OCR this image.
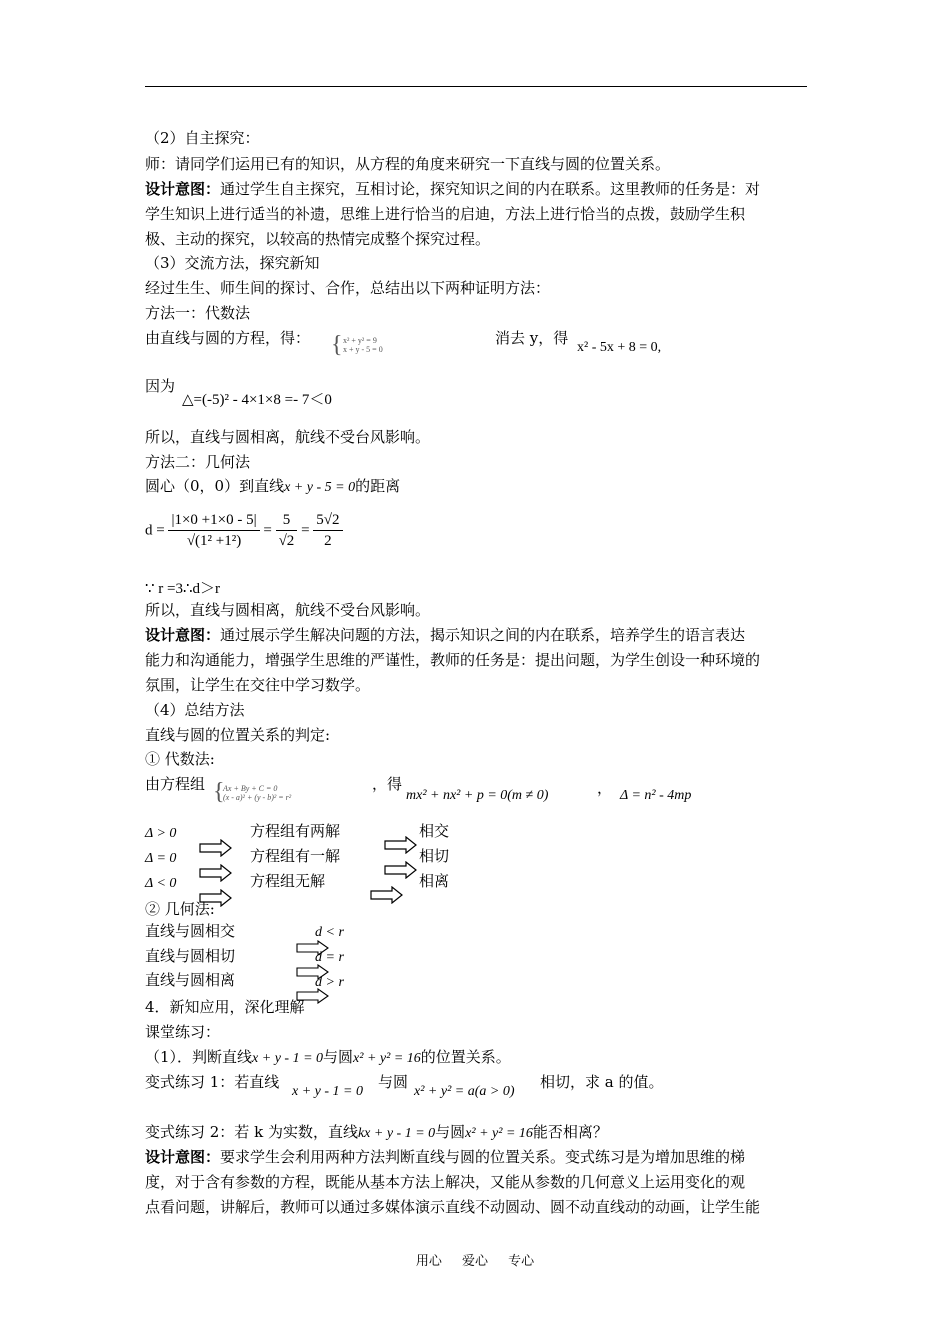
（2）自主探究：
师：请同学们运用已有的知识，从方程的角度来研究一下直线与圆的位置关系。
设计意图：通过学生自主探究，互相讨论，探究知识之间的内在联系。这里教师的任务是：对
学生知识上进行适当的补遗，思维上进行恰当的启迪，方法上进行恰当的点拨，鼓励学生积
极、主动的探究，以较高的热情完成整个探究过程。
（3）交流方法，探究新知
经过生生、师生间的探讨、合作，总结出以下两种证明方法：
方法一：代数法
由直线与圆的方程，得： { x² + y² = 9
x + y - 5 = 0
消去 y，得
x² - 5x + 8 = 0,
因为
△=(-5)² - 4×1×8 =- 7＜0
所以，直线与圆相离，航线不受台风影响。
方法二：几何法
圆心（0，0）到直线x + y - 5 = 0的距离
$d = \frac{|1\times 0 +1\times 0 - 5|}{\text{√(1² +1²)}} = \frac{5}{√2} = \frac{5√2}{2}$
∵ r =3∴d＞r
所以，直线与圆相离，航线不受台风影响。
设计意图：通过展示学生解决问题的方法，揭示知识之间的内在联系，培养学生的语言表达
能力和沟通能力，增强学生思维的严谨性，教师的任务是：提出问题，为学生创设一种环境的
氛围，让学生在交往中学习数学。
（4）总结方法
直线与圆的位置关系的判定:
① 代数法:
由方程组 {
Ax + By + C = 0
(x - a)² + (y - b)² = r²
，得
mx² + nx² + p = 0(m ≠ 0)	， Δ = n² - 4mp
Δ > 0
Δ = 0
Δ < 0
方程组有两解
方程组有一解
方程组无解
相交
相切
相离
② 几何法:
直线与圆相交
直线与圆相切
直线与圆相离
d < r
d = r
d > r
4．新知应用，深化理解
课堂练习：
（1）．判断直线x + y - 1 = 0与圆x² + y² = 16的位置关系。
变式练习 1：若直线
x + y - 1 = 0
与圆
x² + y² = a(a > 0)
相切，求 a 的值。
变式练习 2：若 k 为实数，直线kx + y - 1 = 0与圆x² + y² = 16能否相离？
设计意图：要求学生会利用两种方法判断直线与圆的位置关系。变式练习是为增加思维的梯
度，对于含有参数的方程，既能从基本方法上解决，又能从参数的几何意义上运用变化的观
点看问题，讲解后，教师可以通过多媒体演示直线不动圆动、圆不动直线动的动画，让学生能
用心 爱心 专心
